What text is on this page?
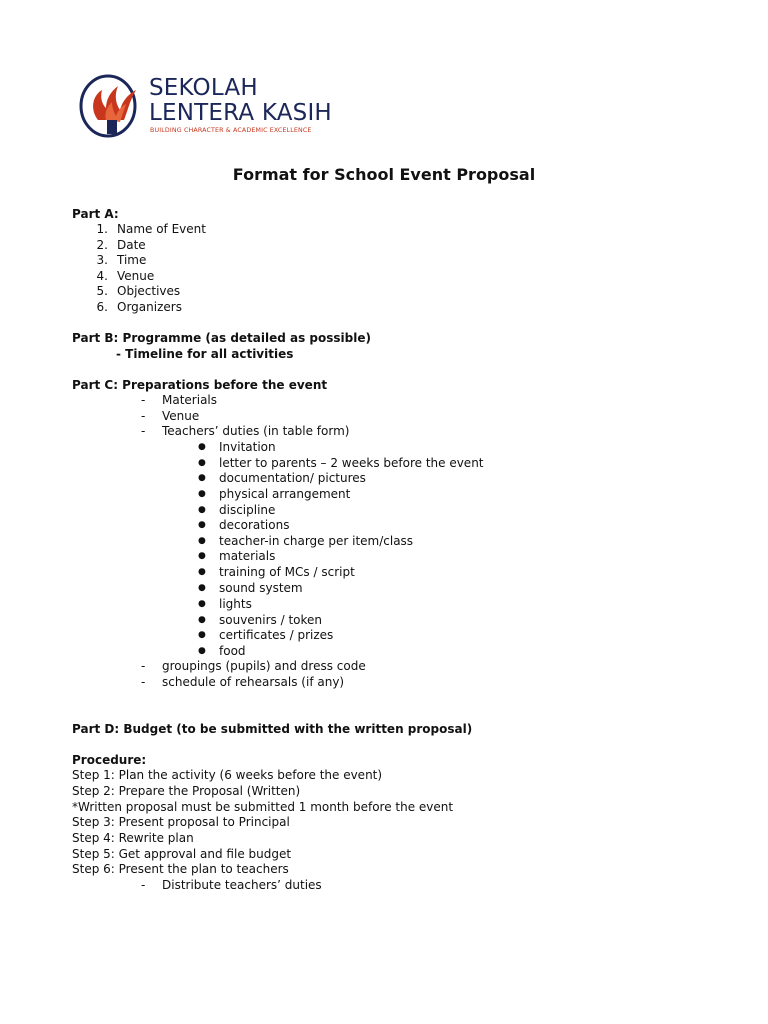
SEKOLAH
LENTERA KASIH
BUILDING CHARACTER & ACADEMIC EXCELLENCE
Format for School Event Proposal
Part A:
1. Name of Event
2. Date
3. Time
4. Venue
5. Objectives
6. Organizers
Part B: Programme (as detailed as possible)
- Timeline for all activities
Part C: Preparations before the event
- Materials
- Venue
- Teachers’ duties (in table form)
● Invitation
● letter to parents – 2 weeks before the event
● documentation/ pictures
● physical arrangement
● discipline
● decorations
● teacher-in charge per item/class
● materials
● training of MCs / script
● sound system
● lights
● souvenirs / token
● certificates / prizes
● food
- groupings (pupils) and dress code
- schedule of rehearsals (if any)
Part D: Budget (to be submitted with the written proposal)
Procedure:
Step 1: Plan the activity (6 weeks before the event)
Step 2: Prepare the Proposal (Written)
*Written proposal must be submitted 1 month before the event
Step 3: Present proposal to Principal
Step 4: Rewrite plan
Step 5: Get approval and file budget
Step 6: Present the plan to teachers
- Distribute teachers’ duties
